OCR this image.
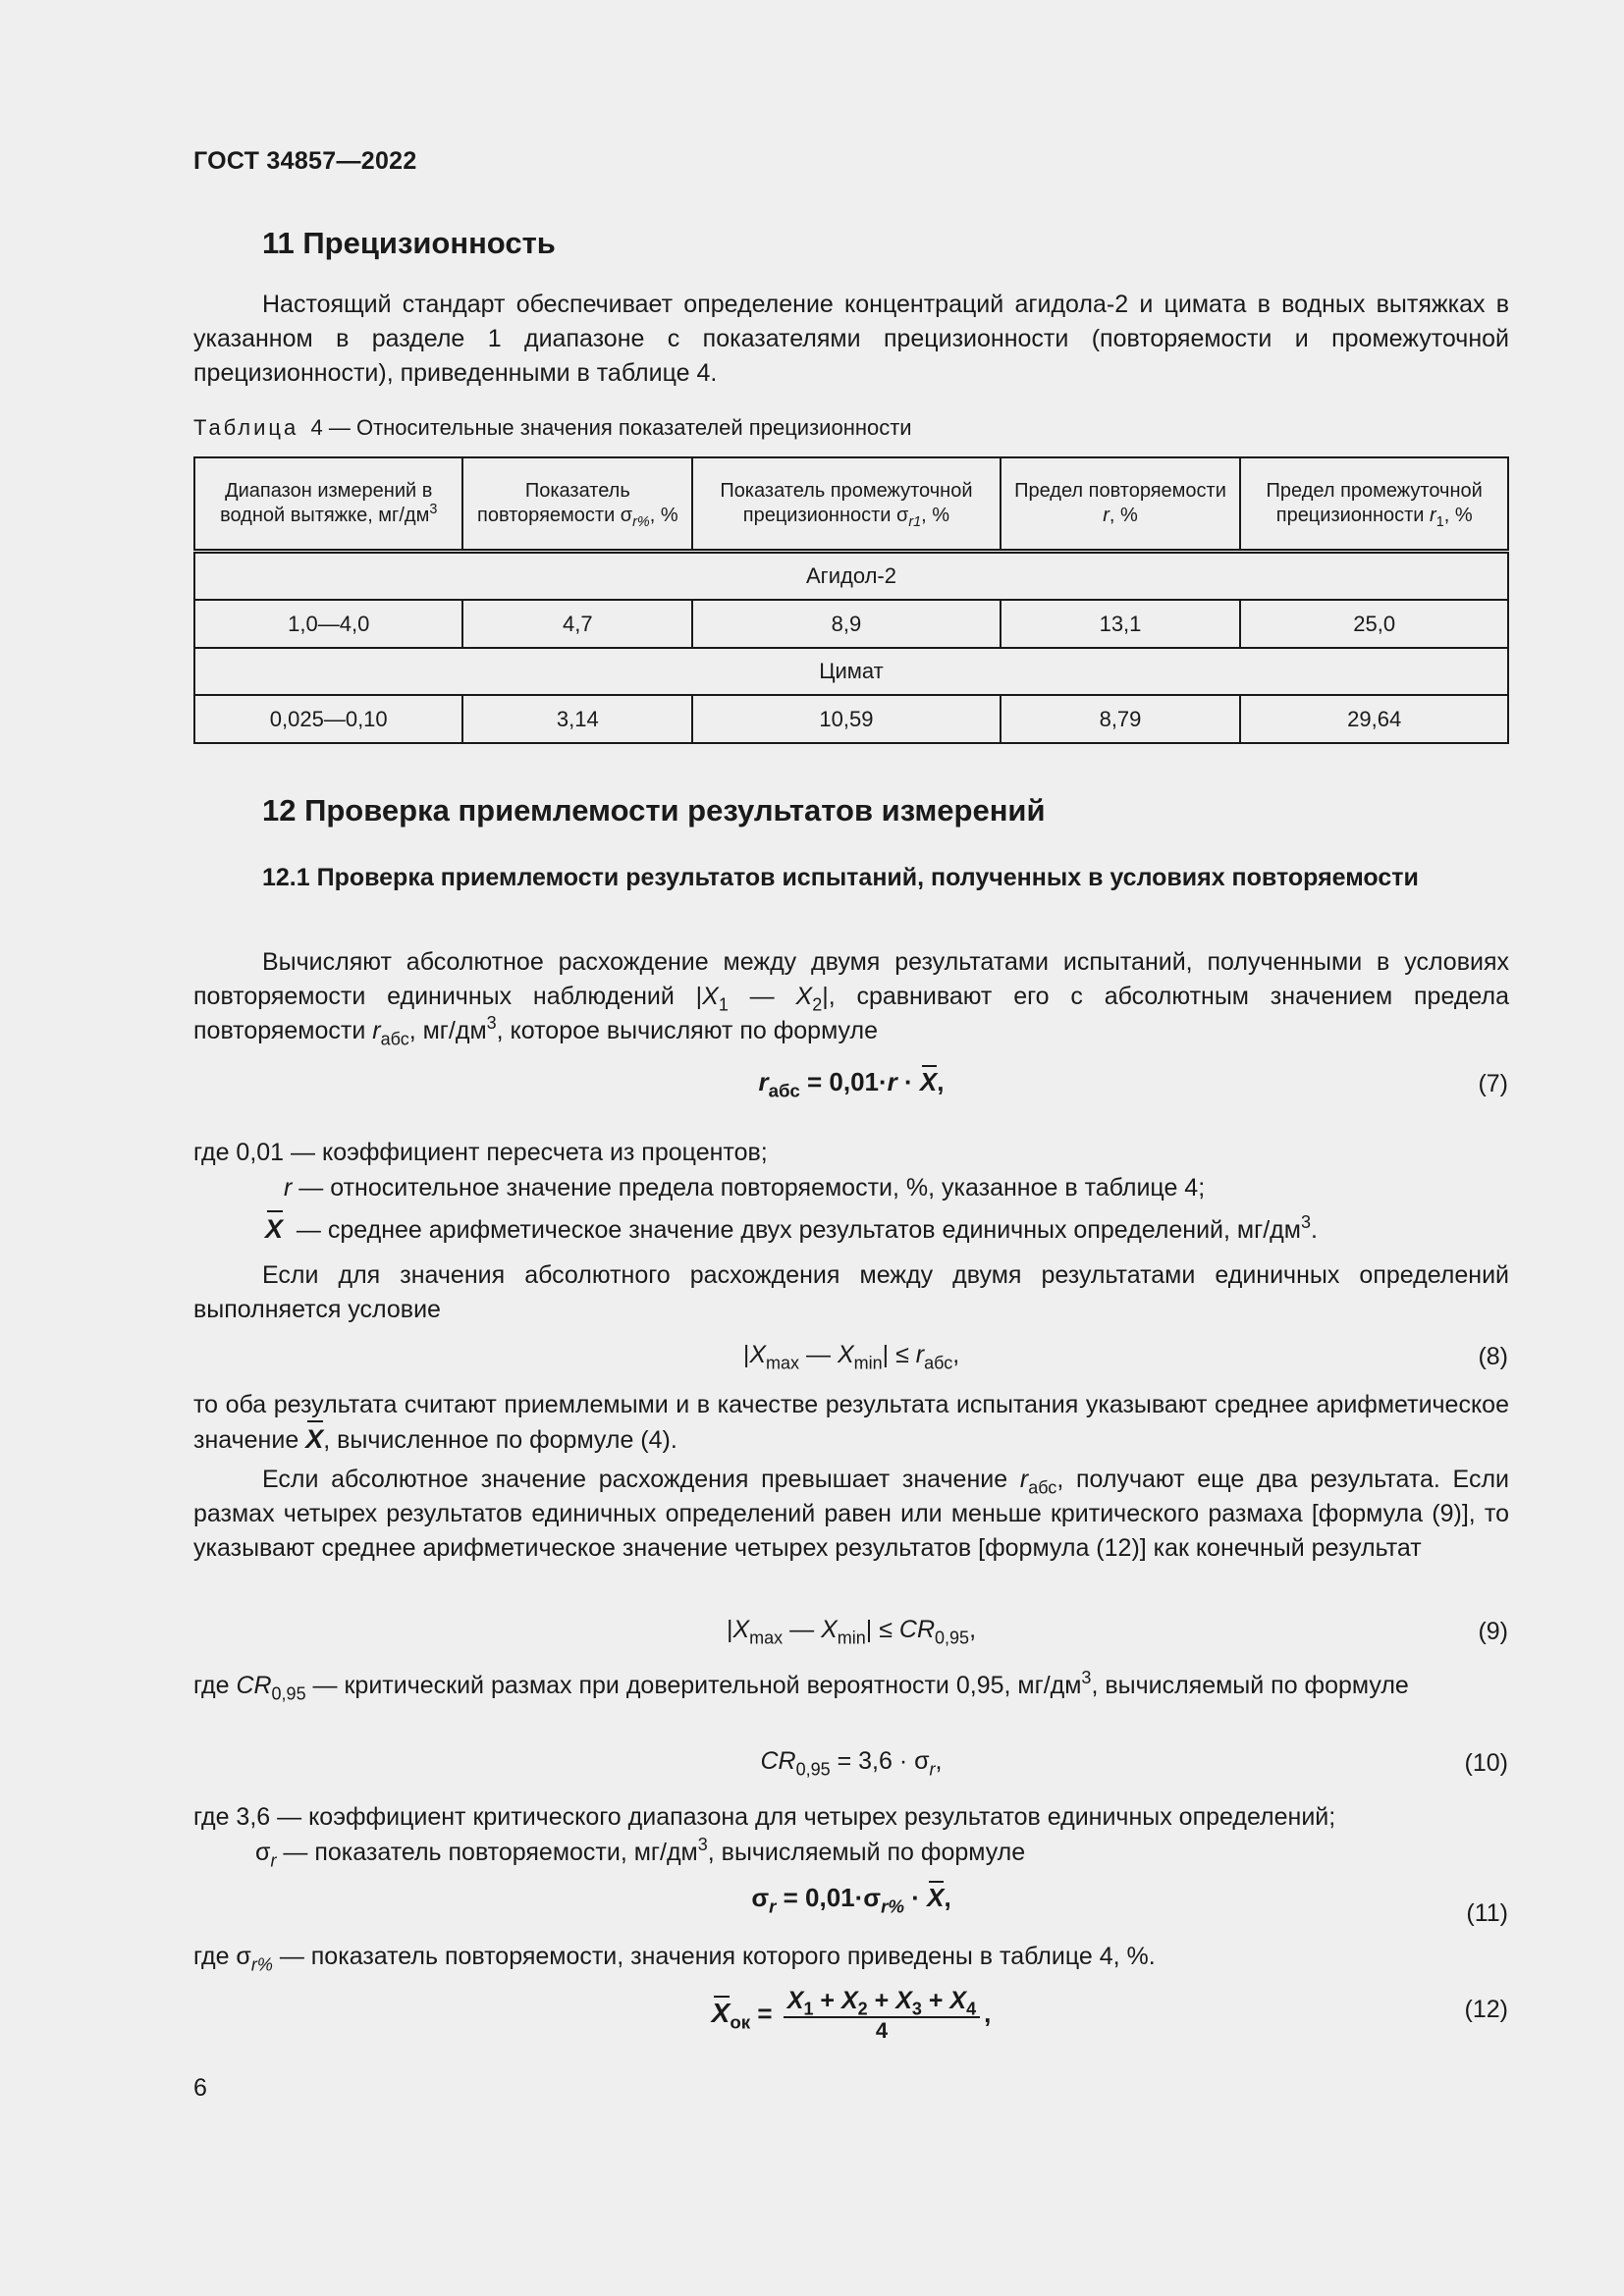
ГОСТ 34857—2022
11 Прецизионность
Настоящий стандарт обеспечивает определение концентраций агидола-2 и цимата в водных вытяжках в указанном в разделе 1 диапазоне с показателями прецизионности (повторяемости и промежуточной прецизионности), приведенными в таблице 4.
Таблица 4 — Относительные значения показателей прецизионности
Диапазон измерений в водной вытяжке, $мг/дм^3$	Показатель повторяемости $\sigma_{r\%}$, %	Показатель промежуточной прецизионности $\sigma_{r1}$, %	Предел повторяемости r, %	Предел промежуточной прецизионности $r_1$, %
Агидол-2				
1,0—4,0	4,7	8,9	13,1	25,0
Цимат				
0,025—0,10	3,14	10,59	8,79	29,64
12 Проверка приемлемости результатов измерений
12.1 Проверка приемлемости результатов испытаний, полученных в условиях повторяемости
Вычисляют абсолютное расхождение между двумя результатами испытаний, полученными в условиях повторяемости единичных наблюдений $|X_1$ — $X_2|$, сравнивают его с абсолютным значением предела повторяемости $r_{абс}$, $мг/дм^3$, которое вычисляют по формуле
$r_{абс} = 0,01\cdot r \cdot X$,	(7)
где 0,01 — коэффициент пересчета из процентов;
r — относительное значение предела повторяемости, %, указанное в таблице 4;
X — среднее арифметическое значение двух результатов единичных определений, $мг/дм^3$.
Если для значения абсолютного расхождения между двумя результатами единичных определений выполняется условие
$|X_{max}$ — $X_{min}| \le r_{абс}$,	(8)
то оба результата считают приемлемыми и в качестве результата испытания указывают среднее арифметическое значение X, вычисленное по формуле (4).
Если абсолютное значение расхождения превышает значение $r_{абс}$, получают еще два результата. Если размах четырех результатов единичных определений равен или меньше критического размаха [формула (9)], то указывают среднее арифметическое значение четырех результатов [формула (12)] как конечный результат
$|X_{max}$ — $X_{min}| \le CR_{0,95}$,	(9)
где $CR_{0,95}$ — критический размах при доверительной вероятности 0,95, $мг/дм^3$, вычисляемый по формуле
$CR_{0,95} = 3,6 \cdot \sigma_r$,	(10)
где 3,6 — коэффициент критического диапазона для четырех результатов единичных определений;
$\sigma_r$ — показатель повторяемости, $мг/дм^3$, вычисляемый по формуле
$\sigma_r = 0,01\cdot\sigma_{r\%} \cdot X$,
(11)
где $\sigma_{r\%}$ — показатель повторяемости, значения которого приведены в таблице 4, %.
$X_{ок} = \frac{X_1 + X_2 + X_3 + X_4}{4}$ ,	(12)
6
